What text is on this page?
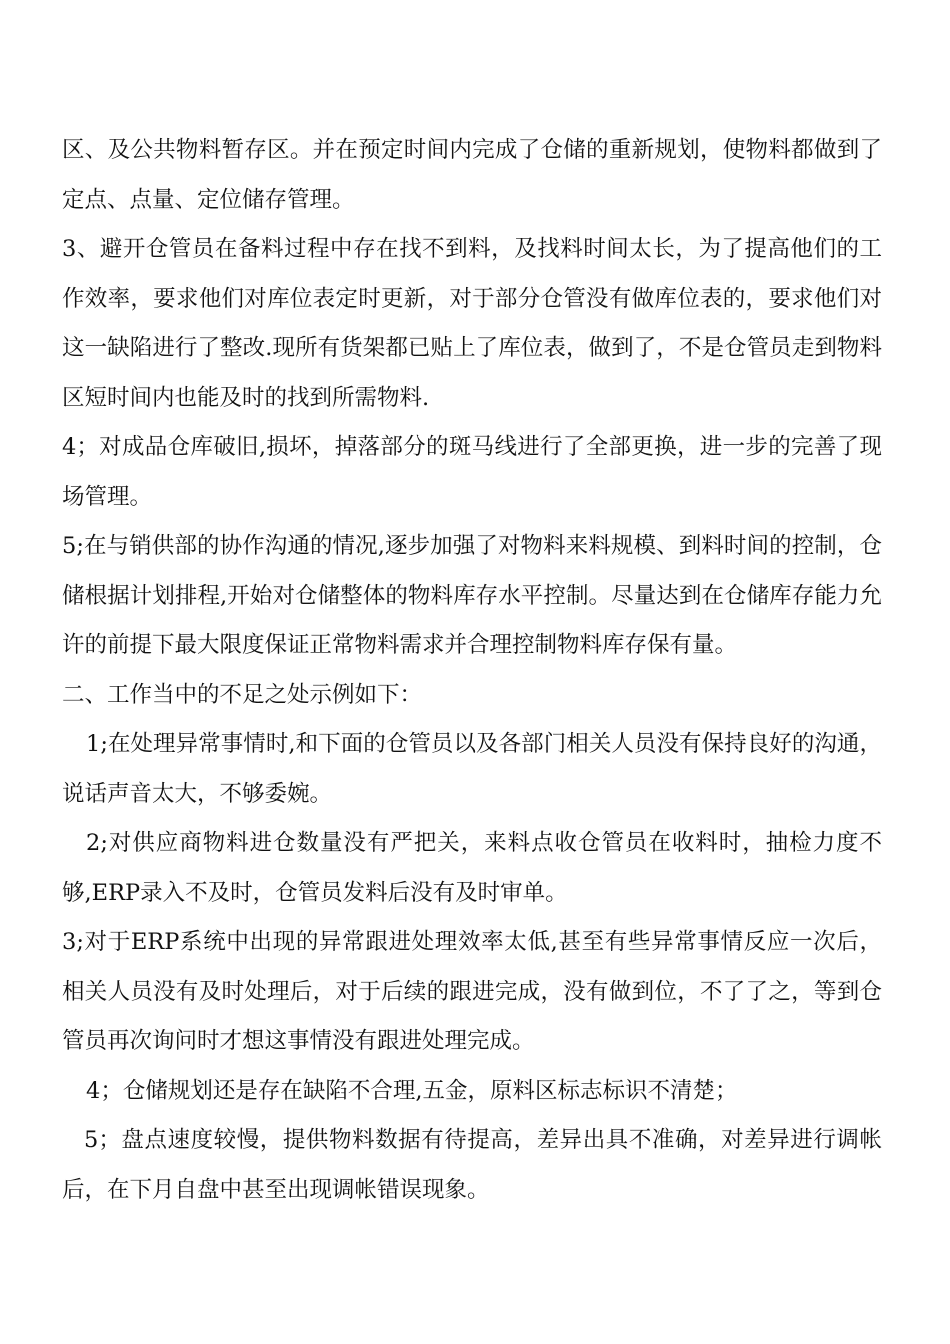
区、及公共物料暂存区。并在预定时间内完成了仓储的重新规划，使物料都做到了定点、点量、定位储存管理。

3、避开仓管员在备料过程中存在找不到料，及找料时间太长，为了提高他们的工作效率，要求他们对库位表定时更新，对于部分仓管没有做库位表的，要求他们对这一缺陷进行了整改.现所有货架都已贴上了库位表，做到了，不是仓管员走到物料区短时间内也能及时的找到所需物料.

4；对成品仓库破旧,损坏，掉落部分的斑马线进行了全部更换，进一步的完善了现场管理。

5;在与销供部的协作沟通的情况,逐步加强了对物料来料规模、到料时间的控制，仓储根据计划排程,开始对仓储整体的物料库存水平控制。尽量达到在仓储库存能力允许的前提下最大限度保证正常物料需求并合理控制物料库存保有量。

二、工作当中的不足之处示例如下：

1;在处理异常事情时,和下面的仓管员以及各部门相关人员没有保持良好的沟通，说话声音太大，不够委婉。

2;对供应商物料进仓数量没有严把关，来料点收仓管员在收料时，抽检力度不够,ERP录入不及时，仓管员发料后没有及时审单。

3;对于ERP系统中出现的异常跟进处理效率太低,甚至有些异常事情反应一次后，相关人员没有及时处理后，对于后续的跟进完成，没有做到位，不了了之，等到仓管员再次询问时才想这事情没有跟进处理完成。

4；仓储规划还是存在缺陷不合理,五金，原料区标志标识不清楚；

5；盘点速度较慢，提供物料数据有待提高，差异出具不准确，对差异进行调帐后，在下月自盘中甚至出现调帐错误现象。
